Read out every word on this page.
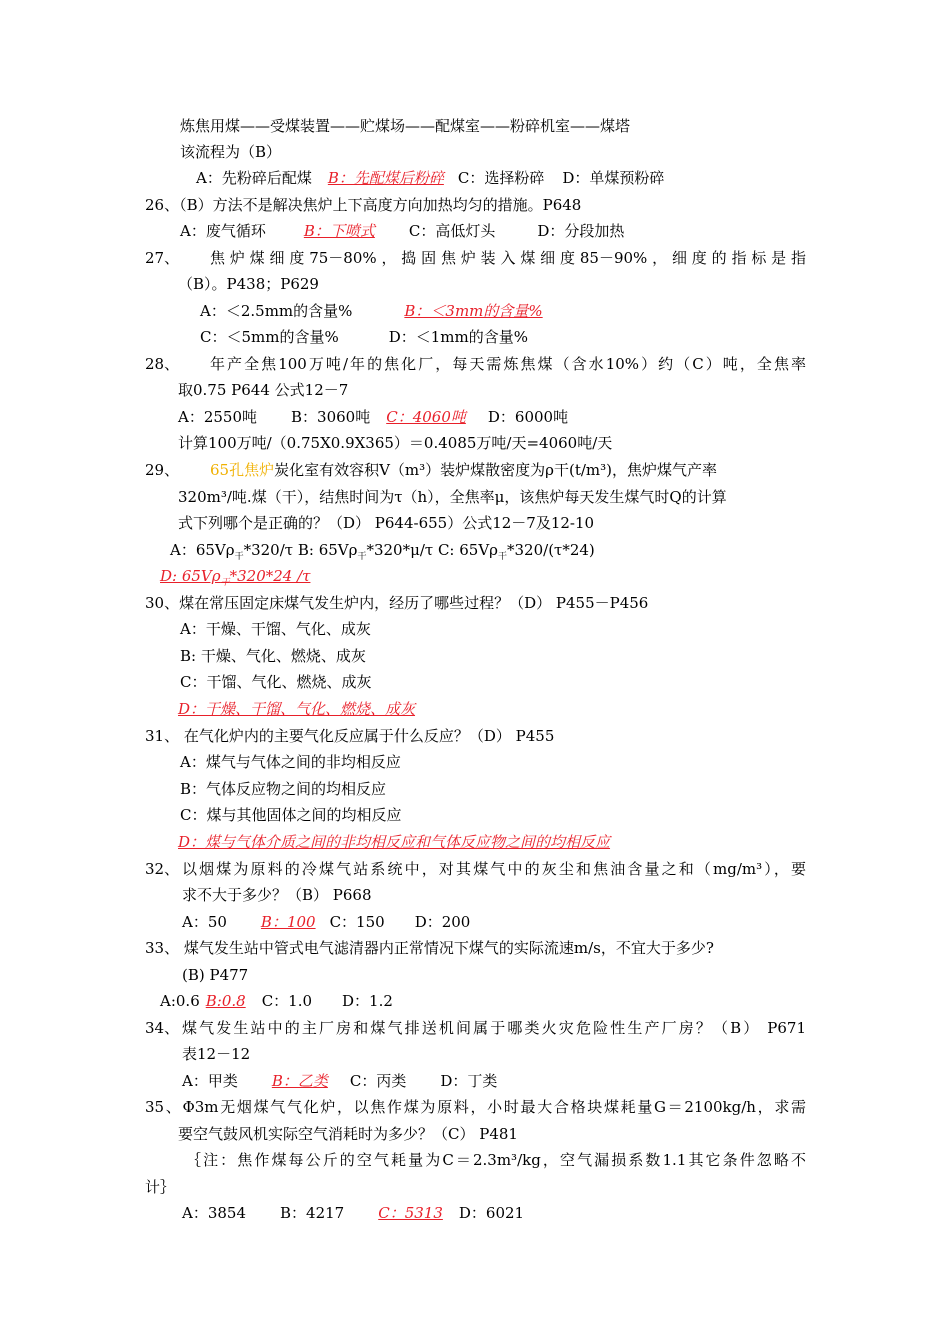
炼焦用煤——受煤装置——贮煤场——配煤室——粉碎机室——煤塔
该流程为（B）
A：先粉碎后配煤 B：先配煤后粉碎 C：选择粉碎 D：单煤预粉碎
26、（B）方法不是解决焦炉上下高度方向加热均匀的措施。P648
A：废气循环	B：下喷式 C：高低灯头	D：分段加热
27、 焦炉煤细度75－80%，捣固焦炉装入煤细度85－90%，细度的指标是指
（B）。P438；P629
A：＜2.5mm的含量%	B：＜3mm的含量%
C：＜5mm的含量%	D：＜1mm的含量%
28、 年产全焦100万吨/年的焦化厂，每天需炼焦煤（含水10%）约（C）吨，全焦率
取0.75 P644 公式12－7
A：2550吨 B：3060吨 C：4060吨 D：6000吨
计算100万吨/（0.75X0.9X365）＝0.4085万吨/天=4060吨/天
29、 65孔焦炉炭化室有效容积V（m³）装炉煤散密度为ρ干(t/m³)，焦炉煤气产率
320m³/吨.煤（干），结焦时间为τ（h），全焦率μ，该焦炉每天发生煤气时Q的计算
式下列哪个是正确的？（D） P644-655）公式12－7及12-10
A：$65V\rho_干*320/\tau$ B: $65V\rho_干*320*\mu/\tau$ C: $65V\rho_干*320/(\tau*24)$
D: $65V\rho_干*320*24$ /τ
30、煤在常压固定床煤气发生炉内，经历了哪些过程？（D） P455－P456
A：干燥、干馏、气化、成灰
B: 干燥、气化、燃烧、成灰
C：干馏、气化、燃烧、成灰
D：干燥、干馏、气化、燃烧、成灰
31、 在气化炉内的主要气化反应属于什么反应？（D） P455
A：煤气与气体之间的非均相反应
B：气体反应物之间的均相反应
C：煤与其他固体之间的均相反应
D：煤与气体介质之间的非均相反应和气体反应物之间的均相反应
32、 以烟煤为原料的冷煤气站系统中，对其煤气中的灰尘和焦油含量之和（mg/m³），要
求不大于多少？（B） P668
A：50 B：100 C：150 D：200
33、 煤气发生站中管式电气滤清器内正常情况下煤气的实际流速m/s，不宜大于多少?
(B) P477
A:0.6 B:0.8 C：1.0 D：1.2
34、 煤气发生站中的主厂房和煤气排送机间属于哪类火灾危险性生产厂房？（B） P671
表12－12
A：甲类 B：乙类 C：丙类 D：丁类
35、Φ3m无烟煤气气化炉，以焦作煤为原料，小时最大合格块煤耗量G＝2100kg/h，求需
要空气鼓风机实际空气消耗时为多少？（C） P481
｛注：焦作煤每公斤的空气耗量为C＝2.3m³/kg，空气漏损系数1.1其它条件忽略不
计｝
A：3854 B：4217 C：5313 D：6021
